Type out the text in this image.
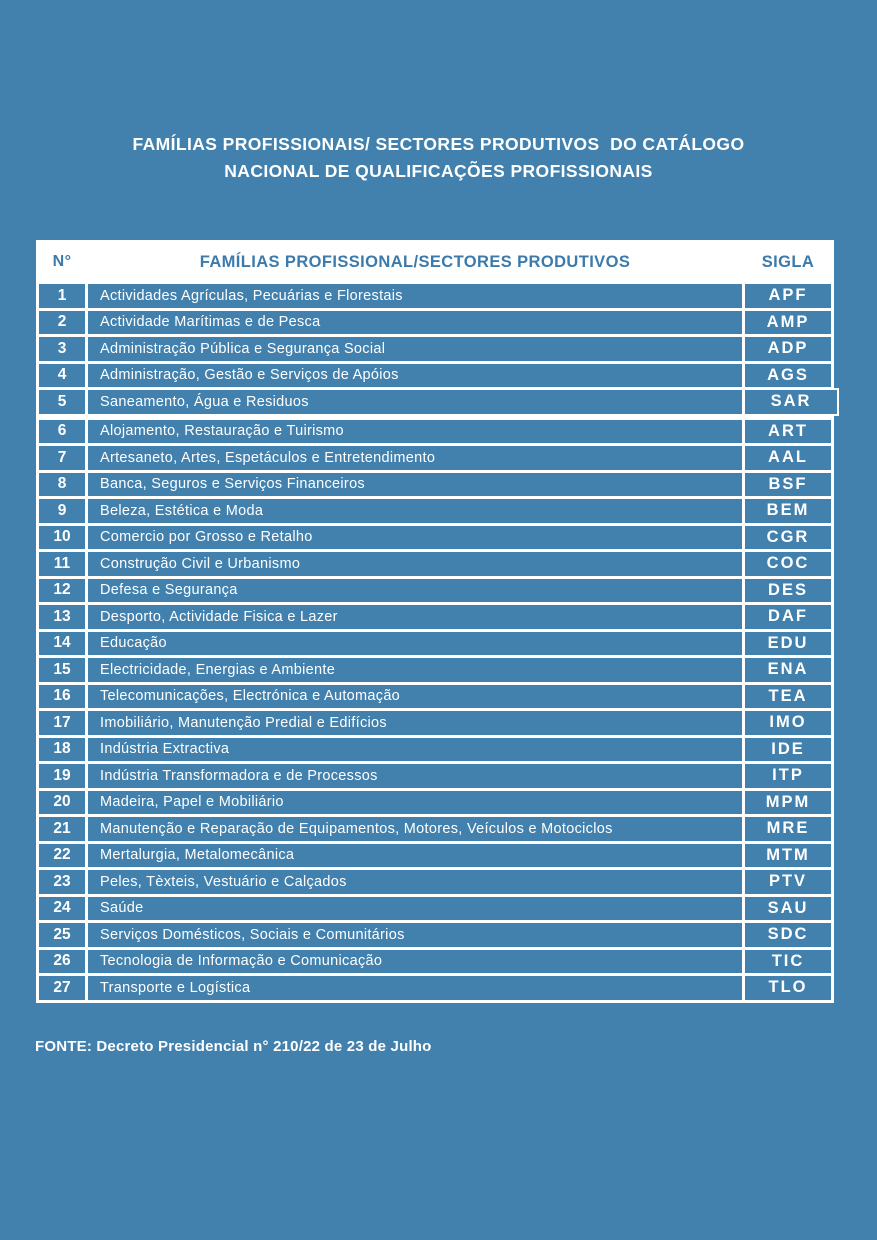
FAMÍLIAS PROFISSIONAIS/ SECTORES PRODUTIVOS  DO CATÁLOGO
NACIONAL DE QUALIFICAÇÕES PROFISSIONAIS
N°	FAMÍLIAS PROFISSIONAL/SECTORES PRODUTIVOS	SIGLA
1	Actividades Agrículas, Pecuárias e Florestais	APF
2	Actividade Marítimas e de Pesca	AMP
3	Administração Pública e Segurança Social	ADP
4	Administração, Gestão e Serviços de Apóios	AGS
5	Saneamento, Água e Residuos	SAR
6	Alojamento, Restauração e Tuirismo	ART
7	Artesaneto, Artes, Espetáculos e Entretendimento	AAL
8	Banca, Seguros e Serviços Financeiros	BSF
9	Beleza, Estética e Moda	BEM
10	Comercio por Grosso e Retalho	CGR
11	Construção Civil e Urbanismo	COC
12	Defesa e Segurança	DES
13	Desporto, Actividade Fisica e Lazer	DAF
14	Educação	EDU
15	Electricidade, Energias e Ambiente	ENA
16	Telecomunicações, Electrónica e Automação	TEA
17	Imobiliário, Manutenção Predial e Edifícios	IMO
18	Indústria Extractiva	IDE
19	Indústria Transformadora e de Processos	ITP
20	Madeira, Papel e Mobiliário	MPM
21	Manutenção e Reparação de Equipamentos, Motores, Veículos e Motociclos	MRE
22	Mertalurgia, Metalomecânica	MTM
23	Peles, Tèxteis, Vestuário e Calçados	PTV
24	Saúde	SAU
25	Serviços Domésticos, Sociais e Comunitários	SDC
26	Tecnologia de Informação e Comunicação	TIC
27	Transporte e Logística	TLO
FONTE: Decreto Presidencial n° 210/22 de 23 de Julho
